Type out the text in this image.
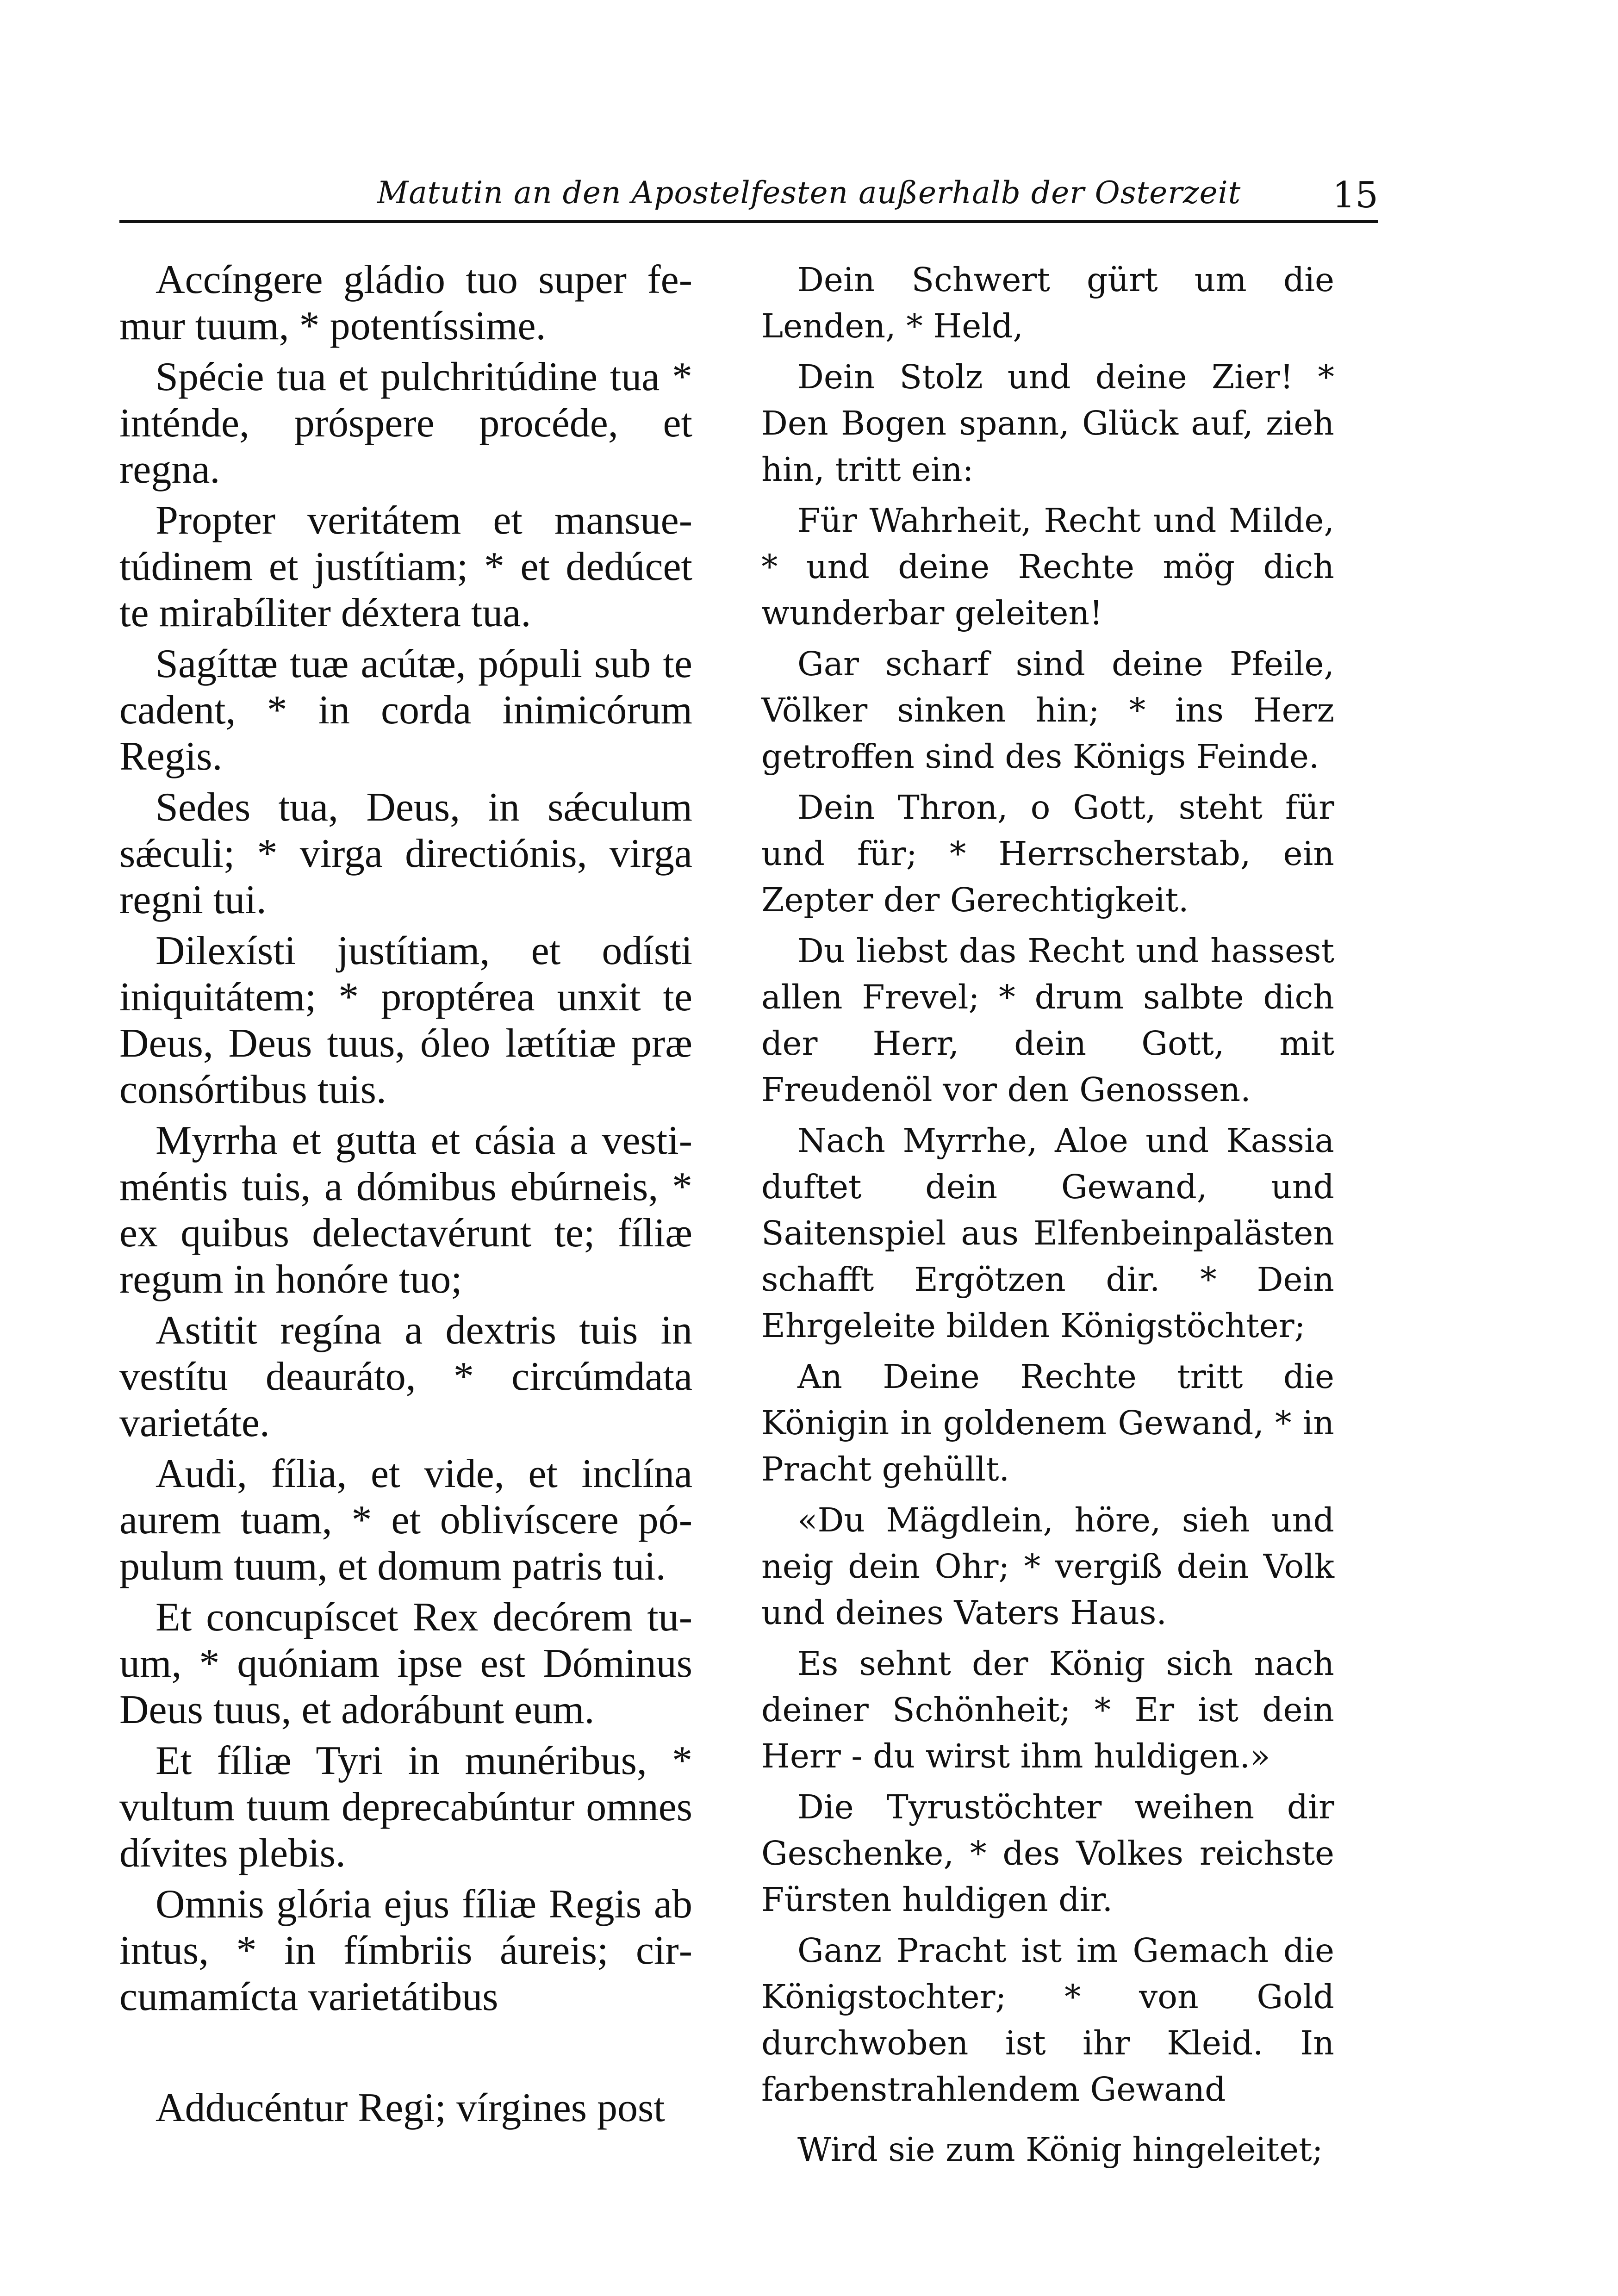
Matutin an den Apostelfesten außerhalb der Osterzeit	15

Accíngere gládio tuo super femur tuum, * potentíssime.

Spécie tua et pulchritúdine tua * inténde, próspere procéde, et regna.

Propter veritátem et mansuetúdinem et justítiam; * et dedúcet te mirabíliter déxtera tua.

Sagíttæ tuæ acútæ, pópuli sub te cadent, * in corda inimicórum Regis.

Sedes tua, Deus, in sǽculum sǽculi; * virga directiónis, virga regni tui.

Dilexísti justítiam, et odísti iniquitátem; * proptérea unxit te Deus, Deus tuus, óleo lætítiæ præ consórtibus tuis.

Myrrha et gutta et cásia a vestiméntis tuis, a dómibus ebúrneis, * ex quibus delectavérunt te; fíliæ regum in honóre tuo;

Astitit regína a dextris tuis in vestítu deauráto, * circúmdata varietáte.

Audi, fília, et vide, et inclína aurem tuam, * et oblivíscere pópulum tuum, et domum patris tui.

Et concupíscet Rex decórem tuum, * quóniam ipse est Dóminus Deus tuus, et adorábunt eum.

Et fíliæ Tyri in munéribus, * vultum tuum deprecabúntur omnes dívites plebis.

Omnis glória ejus fíliæ Regis ab intus, * in fímbriis áureis; circumamícta varietátibus

Adducéntur Regi; vírgines post

Dein Schwert gürt um die Lenden, * Held,

Dein Stolz und deine Zier! * Den Bogen spann, Glück auf, zieh hin, tritt ein:

Für Wahrheit, Recht und Milde, * und deine Rechte mög dich wunderbar geleiten!

Gar scharf sind deine Pfeile, Völker sinken hin; * ins Herz getroffen sind des Königs Feinde.

Dein Thron, o Gott, steht für und für; * Herrscherstab, ein Zepter der Gerechtigkeit.

Du liebst das Recht und hassest allen Frevel; * drum salbte dich der Herr, dein Gott, mit Freudenöl vor den Genossen.

Nach Myrrhe, Aloe und Kassia duftet dein Gewand, und Saitenspiel aus Elfenbeinpalästen schafft Ergötzen dir. * Dein Ehrgeleite bilden Königstöchter;

An Deine Rechte tritt die Königin in goldenem Gewand, * in Pracht gehüllt.

«Du Mägdlein, höre, sieh und neig dein Ohr; * vergiß dein Volk und deines Vaters Haus.

Es sehnt der König sich nach deiner Schönheit; * Er ist dein Herr - du wirst ihm huldigen.»

Die Tyrustöchter weihen dir Geschenke, * des Volkes reichste Fürsten huldigen dir.

Ganz Pracht ist im Gemach die Königstochter; * von Gold durchwoben ist ihr Kleid. In farbenstrahlendem Gewand

Wird sie zum König hingeleitet;
